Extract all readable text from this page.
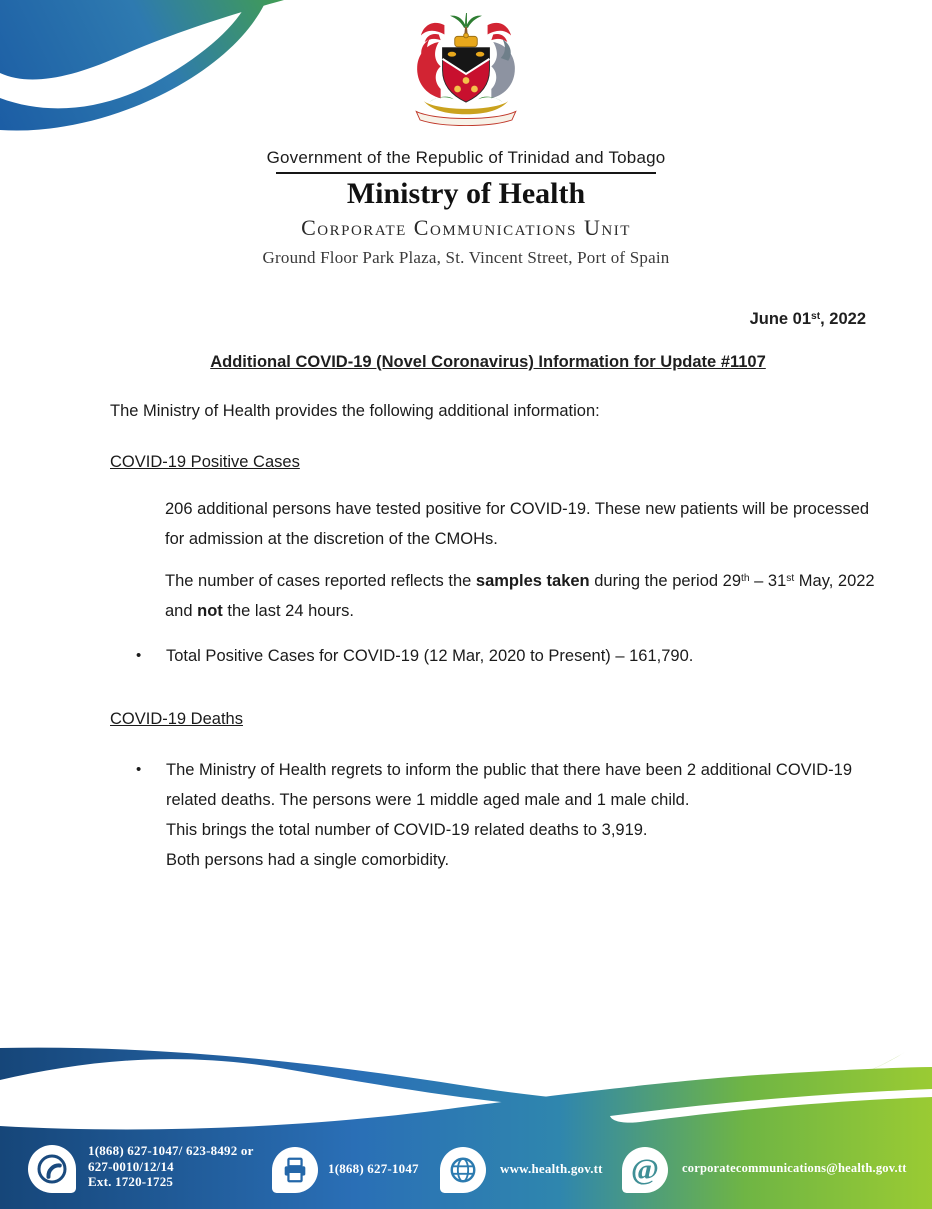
Government of the Republic of Trinidad and Tobago
Ministry of Health
Corporate Communications Unit
Ground Floor Park Plaza, St. Vincent Street, Port of Spain
June 01st, 2022
Additional COVID-19 (Novel Coronavirus) Information for Update #1107
The Ministry of Health provides the following additional information:
COVID-19 Positive Cases
206 additional persons have tested positive for COVID-19. These new patients will be processed for admission at the discretion of the CMOHs.
The number of cases reported reflects the samples taken during the period 29th – 31st May, 2022 and not the last 24 hours.
•	Total Positive Cases for COVID-19 (12 Mar, 2020 to Present) – 161,790.
COVID-19 Deaths
•	The Ministry of Health regrets to inform the public that there have been 2 additional COVID-19 related deaths. The persons were 1 middle aged male and 1 male child.
This brings the total number of COVID-19 related deaths to 3,919.
Both persons had a single comorbidity.
1(868) 627-1047/ 623-8492 or
627-0010/12/14
Ext. 1720-1725
1(868) 627-1047	www.health.gov.tt @ corporatecommunications@health.gov.tt
